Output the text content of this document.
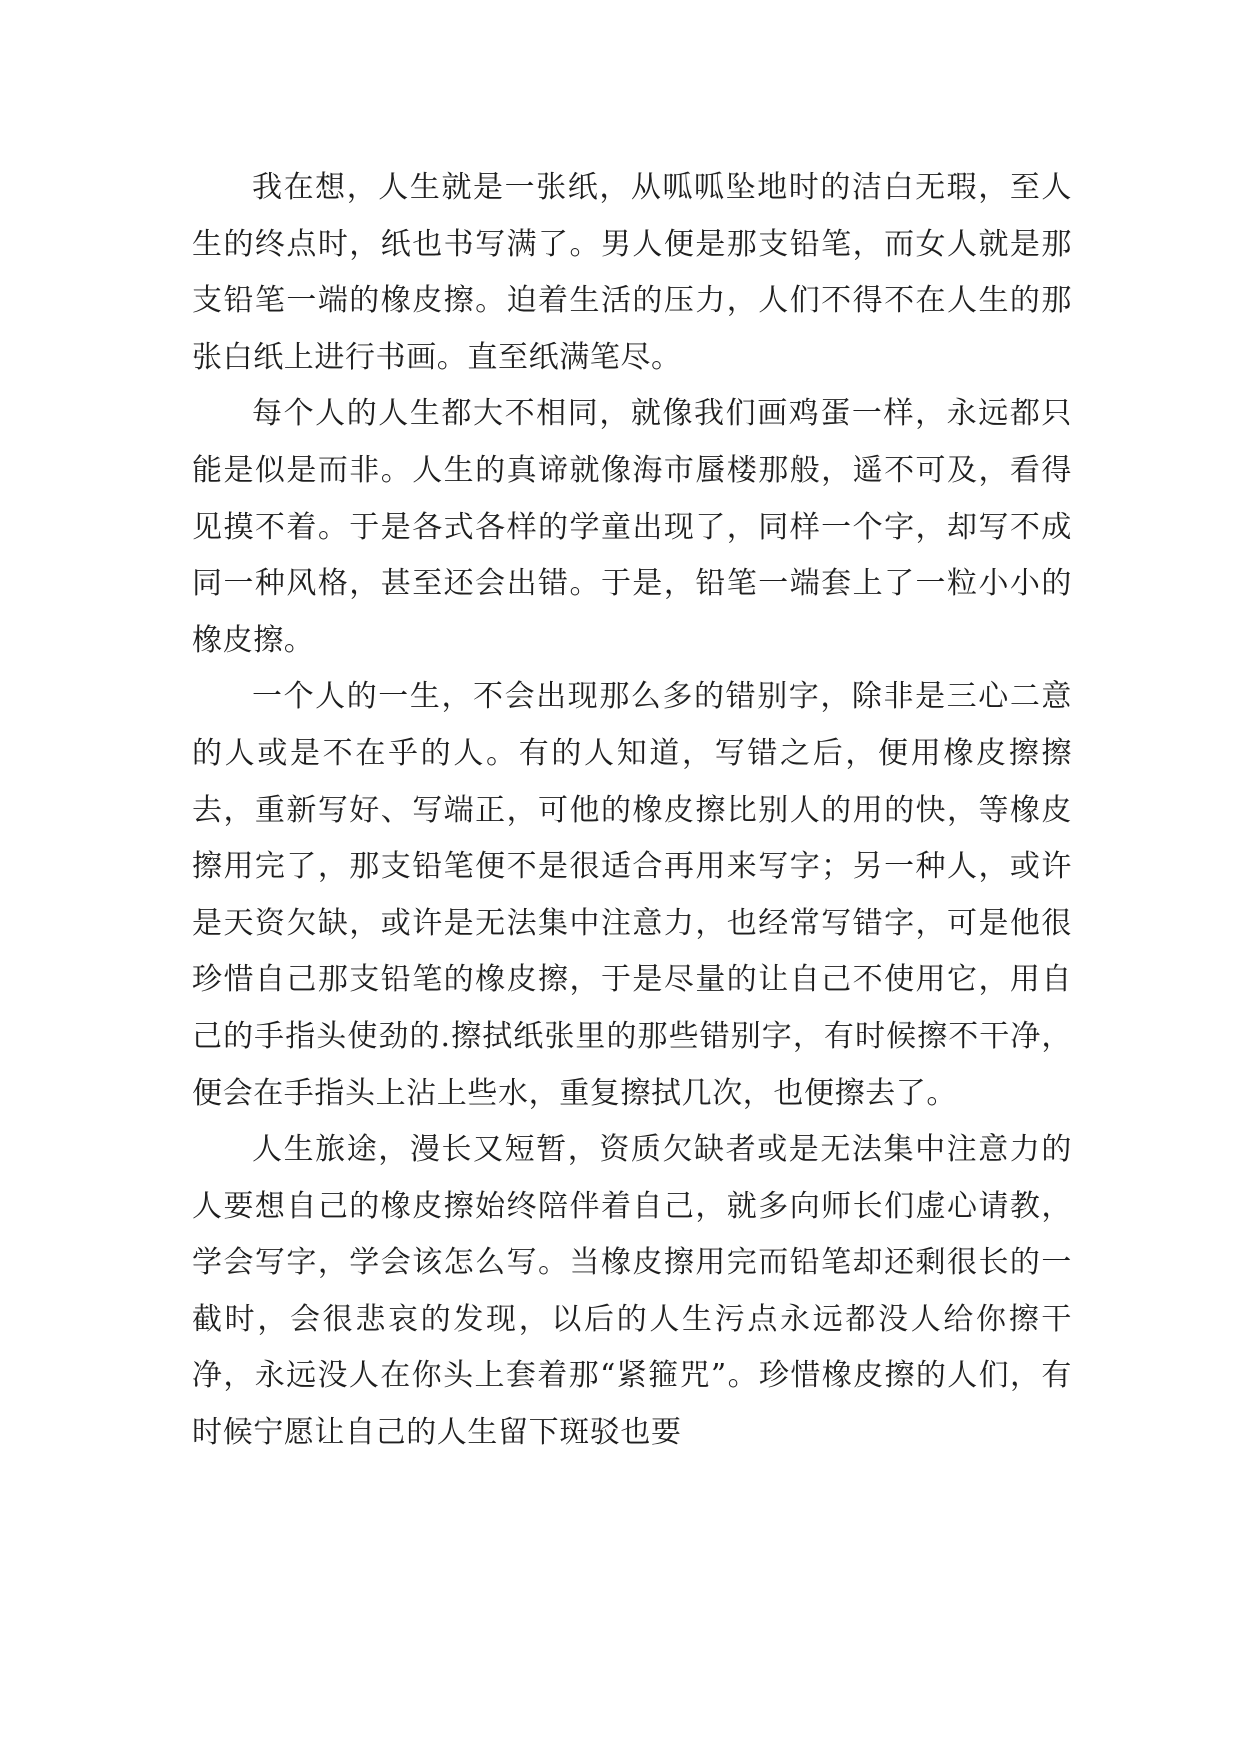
我在想，人生就是一张纸，从呱呱坠地时的洁白无瑕，至人生的终点时，纸也书写满了。男人便是那支铅笔，而女人就是那支铅笔一端的橡皮擦。迫着生活的压力，人们不得不在人生的那张白纸上进行书画。直至纸满笔尽。

每个人的人生都大不相同，就像我们画鸡蛋一样，永远都只能是似是而非。人生的真谛就像海市蜃楼那般，遥不可及，看得见摸不着。于是各式各样的学童出现了，同样一个字，却写不成同一种风格，甚至还会出错。于是，铅笔一端套上了一粒小小的橡皮擦。

一个人的一生，不会出现那么多的错别字，除非是三心二意的人或是不在乎的人。有的人知道，写错之后，便用橡皮擦擦去，重新写好、写端正，可他的橡皮擦比别人的用的快，等橡皮擦用完了，那支铅笔便不是很适合再用来写字；另一种人，或许是天资欠缺，或许是无法集中注意力，也经常写错字，可是他很珍惜自己那支铅笔的橡皮擦，于是尽量的让自己不使用它，用自己的手指头使劲的.擦拭纸张里的那些错别字，有时候擦不干净，便会在手指头上沾上些水，重复擦拭几次，也便擦去了。

人生旅途，漫长又短暂，资质欠缺者或是无法集中注意力的人要想自己的橡皮擦始终陪伴着自己，就多向师长们虚心请教，学会写字，学会该怎么写。当橡皮擦用完而铅笔却还剩很长的一截时，会很悲哀的发现，以后的人生污点永远都没人给你擦干净，永远没人在你头上套着那“紧箍咒”。珍惜橡皮擦的人们，有时候宁愿让自己的人生留下斑驳也要
